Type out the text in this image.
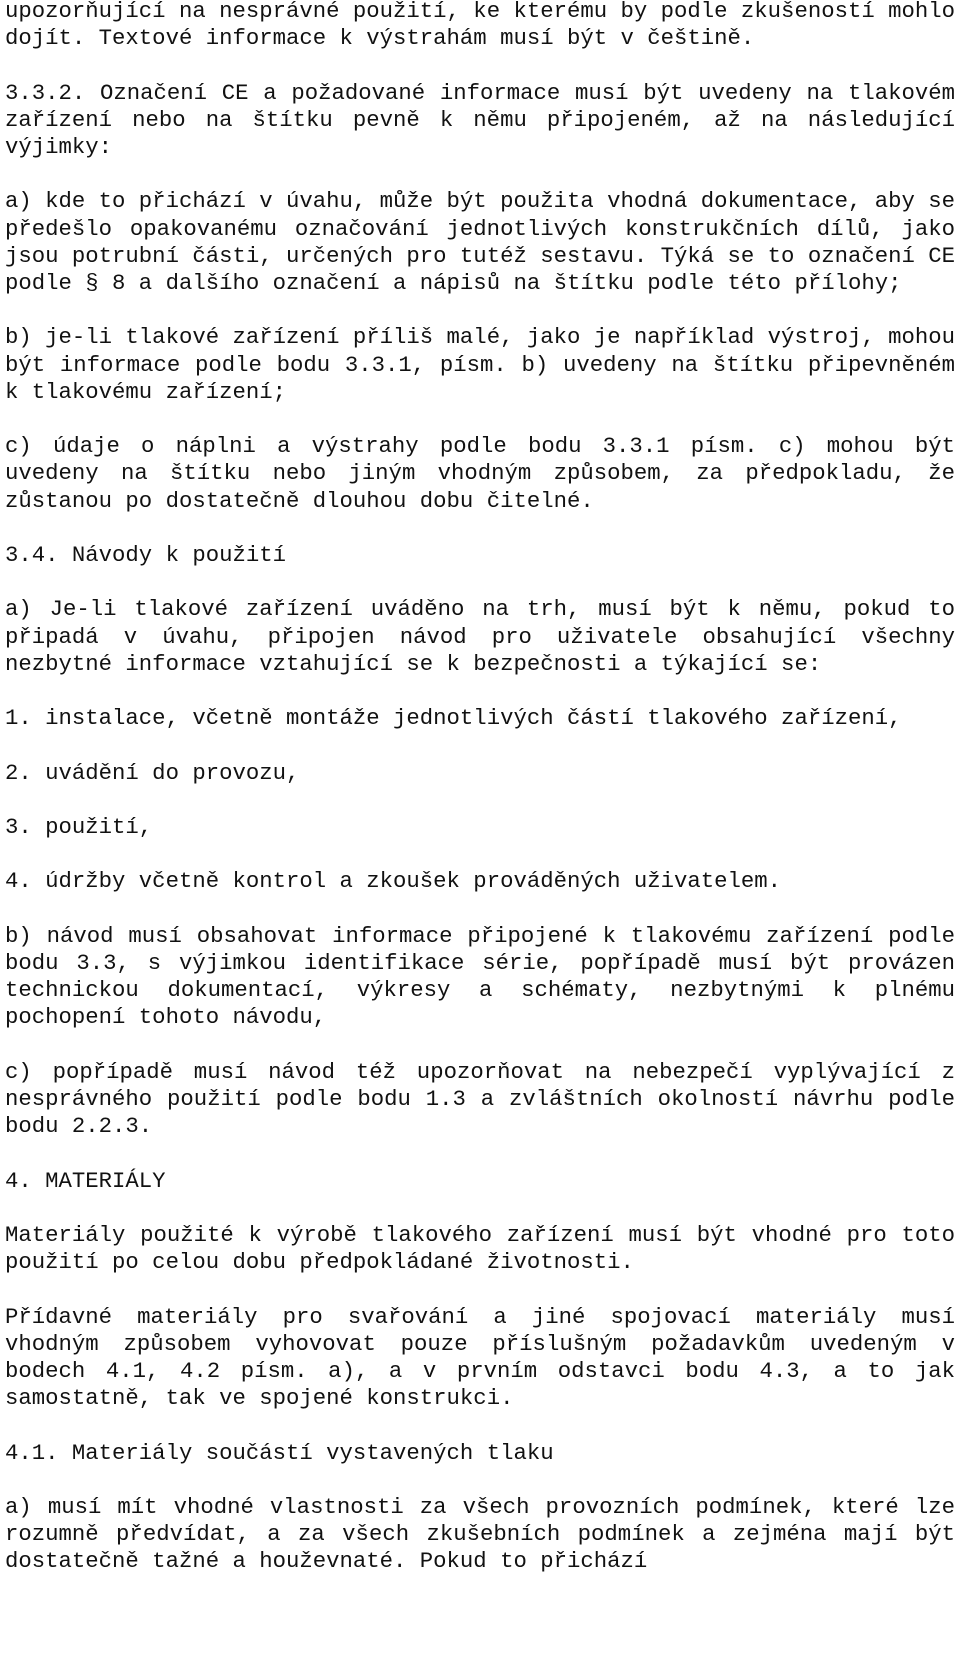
upozorňující na nesprávné použití, ke kterému by podle zkušeností mohlo dojít. Textové informace k výstrahám musí být v češtině.

3.3.2. Označení CE a požadované informace musí být uvedeny na tlakovém zařízení nebo na štítku pevně k němu připojeném, až na následující výjimky:

a) kde to přichází v úvahu, může být použita vhodná dokumentace, aby se předešlo opakovanému označování jednotlivých konstrukčních dílů, jako jsou potrubní části, určených pro tutéž sestavu. Týká se to označení CE podle § 8 a dalšího označení a nápisů na štítku podle této přílohy;

b) je-li tlakové zařízení příliš malé, jako je například výstroj, mohou být informace podle bodu 3.3.1, písm. b) uvedeny na štítku připevněném k tlakovému zařízení;

c) údaje o náplni a výstrahy podle bodu 3.3.1 písm. c) mohou být uvedeny na štítku nebo jiným vhodným způsobem, za předpokladu, že zůstanou po dostatečně dlouhou dobu čitelné.

3.4. Návody k použití

a) Je-li tlakové zařízení uváděno na trh, musí být k němu, pokud to připadá v úvahu, připojen návod pro uživatele obsahující všechny nezbytné informace vztahující se k bezpečnosti a týkající se:

1. instalace, včetně montáže jednotlivých částí tlakového zařízení,

2. uvádění do provozu,

3. použití,

4. údržby včetně kontrol a zkoušek prováděných uživatelem.

b) návod musí obsahovat informace připojené k tlakovému zařízení podle bodu 3.3, s výjimkou identifikace série, popřípadě musí být provázen technickou dokumentací, výkresy a schématy, nezbytnými k plnému pochopení tohoto návodu,

c) popřípadě musí návod též upozorňovat na nebezpečí vyplývající z nesprávného použití podle bodu 1.3 a zvláštních okolností návrhu podle bodu 2.2.3.

4. MATERIÁLY

Materiály použité k výrobě tlakového zařízení musí být vhodné pro toto použití po celou dobu předpokládané životnosti.

Přídavné materiály pro svařování a jiné spojovací materiály musí vhodným způsobem vyhovovat pouze příslušným požadavkům uvedeným v bodech 4.1, 4.2 písm. a), a v prvním odstavci bodu 4.3, a to jak samostatně, tak ve spojené konstrukci.

4.1. Materiály součástí vystavených tlaku

a) musí mít vhodné vlastnosti za všech provozních podmínek, které lze rozumně předvídat, a za všech zkušebních podmínek a zejména mají být dostatečně tažné a houževnaté. Pokud to přichází
